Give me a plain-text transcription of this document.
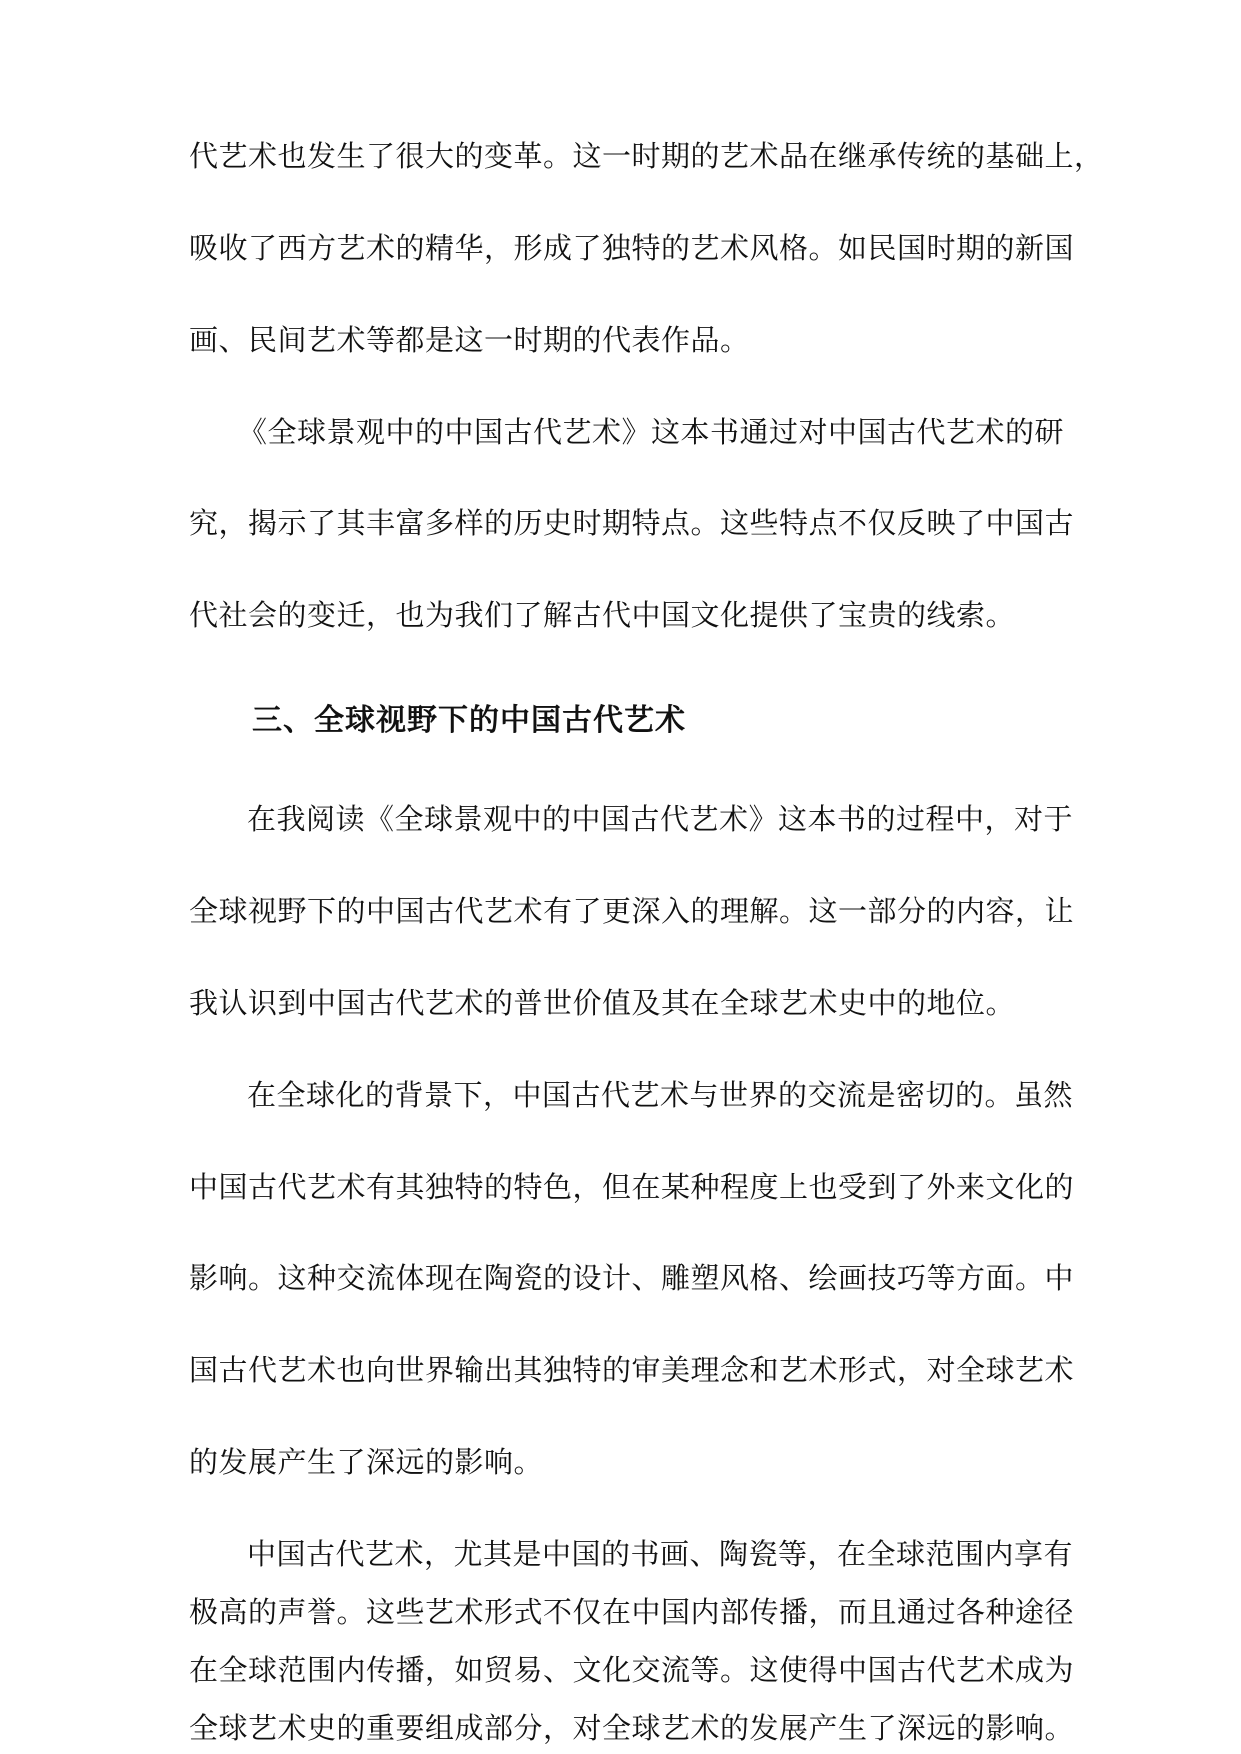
代艺术也发生了很大的变革。这一时期的艺术品在继承传统的基础上，
吸收了西方艺术的精华，形成了独特的艺术风格。如民国时期的新国
画、民间艺术等都是这一时期的代表作品。
《全球景观中的中国古代艺术》这本书通过对中国古代艺术的研
究，揭示了其丰富多样的历史时期特点。这些特点不仅反映了中国古
代社会的变迁，也为我们了解古代中国文化提供了宝贵的线索。
三、全球视野下的中国古代艺术
在我阅读《全球景观中的中国古代艺术》这本书的过程中，对于
全球视野下的中国古代艺术有了更深入的理解。这一部分的内容，让
我认识到中国古代艺术的普世价值及其在全球艺术史中的地位。
在全球化的背景下，中国古代艺术与世界的交流是密切的。虽然
中国古代艺术有其独特的特色，但在某种程度上也受到了外来文化的
影响。这种交流体现在陶瓷的设计、雕塑风格、绘画技巧等方面。中
国古代艺术也向世界输出其独特的审美理念和艺术形式，对全球艺术
的发展产生了深远的影响。
中国古代艺术，尤其是中国的书画、陶瓷等，在全球范围内享有
极高的声誉。这些艺术形式不仅在中国内部传播，而且通过各种途径
在全球范围内传播，如贸易、文化交流等。这使得中国古代艺术成为
全球艺术史的重要组成部分，对全球艺术的发展产生了深远的影响。
